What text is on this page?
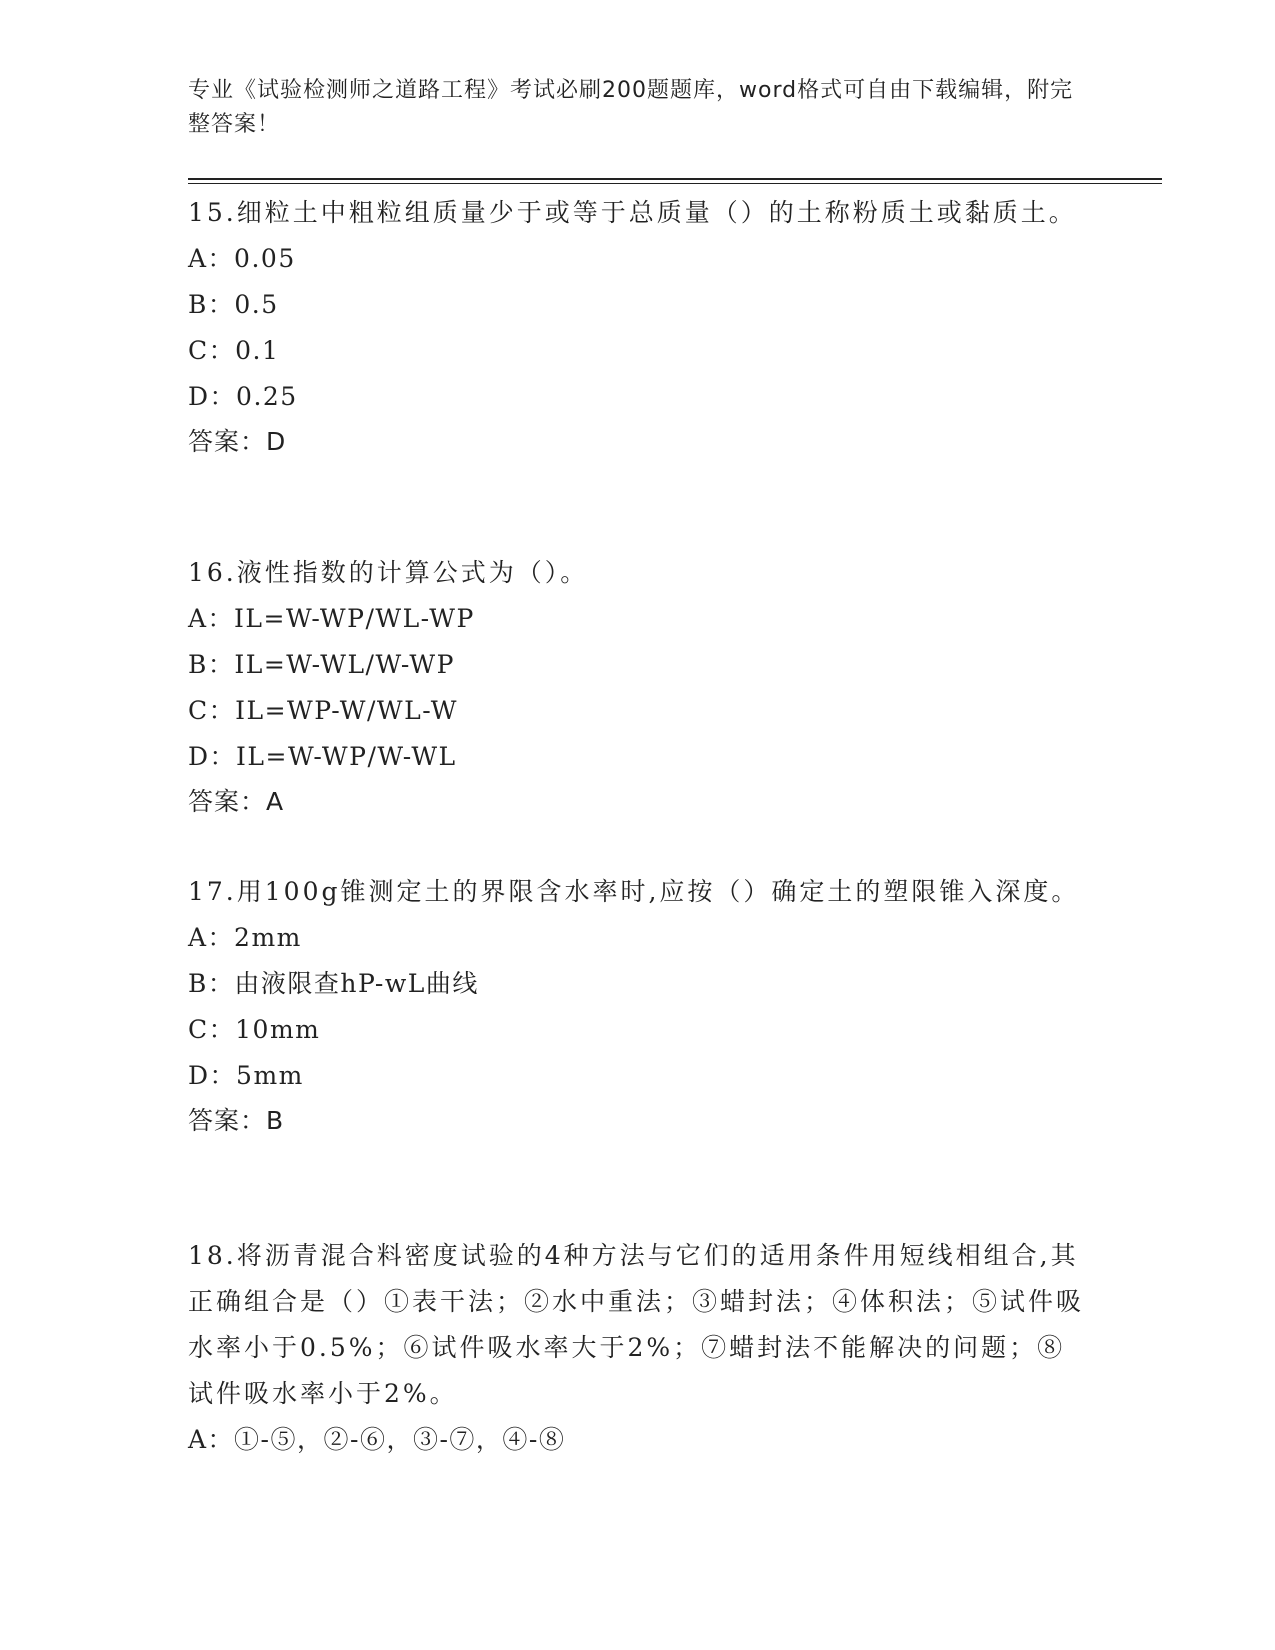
专业《试验检测师之道路工程》考试必刷200题题库，word格式可自由下载编辑，附完整答案！

15.细粒土中粗粒组质量少于或等于总质量（）的土称粉质土或黏质土。

A：0.05

B：0.5

C：0.1

D：0.25

答案：D

16.液性指数的计算公式为（）。

A：IL=W-WP/WL-WP

B：IL=W-WL/W-WP

C：IL=WP-W/WL-W

D：IL=W-WP/W-WL

答案：A

17.用100g锥测定土的界限含水率时,应按（）确定土的塑限锥入深度。

A：2mm

B：由液限查hP-wL曲线

C：10mm

D：5mm

答案：B

18.将沥青混合料密度试验的4种方法与它们的适用条件用短线相组合,其正确组合是（）①表干法；②水中重法；③蜡封法；④体积法；⑤试件吸水率小于0.5%；⑥试件吸水率大于2%；⑦蜡封法不能解决的问题；⑧试件吸水率小于2%。

A：①-⑤，②-⑥，③-⑦，④-⑧
